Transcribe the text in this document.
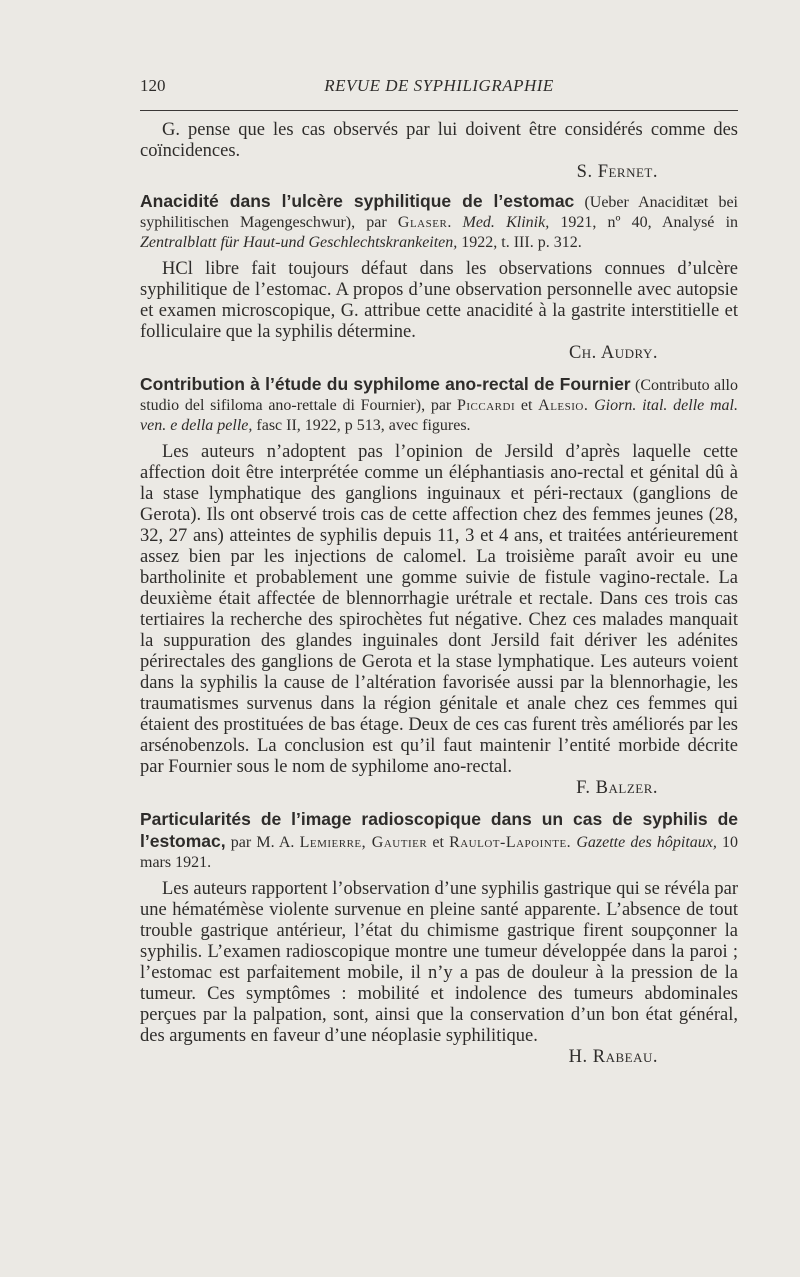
120	REVUE DE SYPHILIGRAPHIE

G. pense que les cas observés par lui doivent être considérés comme des coïncidences.

S. Fernet.

Anacidité dans l’ulcère syphilitique de l’estomac (Ueber Anaciditæt bei syphilitischen Magengeschwur), par Glaser. Med. Klinik, 1921, nº 40, Analysé in Zentralblatt für Haut-und Geschlechtskrankeiten, 1922, t. III. p. 312.

HCl libre fait toujours défaut dans les observations connues d’ulcère syphilitique de l’estomac. A propos d’une observation personnelle avec autopsie et examen microscopique, G. attribue cette anacidité à la gastrite interstitielle et folliculaire que la syphilis détermine.

Ch. Audry.

Contribution à l’étude du syphilome ano-rectal de Fournier (Contributo allo studio del sifiloma ano-rettale di Fournier), par Piccardi et Alesio. Giorn. ital. delle mal. ven. e della pelle, fasc II, 1922, p 513, avec figures.

Les auteurs n’adoptent pas l’opinion de Jersild d’après laquelle cette affection doit être interprétée comme un éléphantiasis ano-rectal et génital dû à la stase lymphatique des ganglions inguinaux et péri-rectaux (ganglions de Gerota). Ils ont observé trois cas de cette affection chez des femmes jeunes (28, 32, 27 ans) atteintes de syphilis depuis 11, 3 et 4 ans, et traitées antérieurement assez bien par les injections de calomel. La troisième paraît avoir eu une bartholinite et probablement une gomme suivie de fistule vagino-rectale. La deuxième était affectée de blennorrhagie urétrale et rectale. Dans ces trois cas tertiaires la recherche des spirochètes fut négative. Chez ces malades manquait la suppuration des glandes inguinales dont Jersild fait dériver les adénites périrectales des ganglions de Gerota et la stase lymphatique. Les auteurs voient dans la syphilis la cause de l’altération favorisée aussi par la blennorhagie, les traumatismes survenus dans la région génitale et anale chez ces femmes qui étaient des prostituées de bas étage. Deux de ces cas furent très améliorés par les arsénobenzols. La conclusion est qu’il faut maintenir l’entité morbide décrite par Fournier sous le nom de syphilome ano-rectal.

F. Balzer.

Particularités de l’image radioscopique dans un cas de syphilis de l’estomac, par M. A. Lemierre, Gautier et Raulot-Lapointe. Gazette des hôpitaux, 10 mars 1921.

Les auteurs rapportent l’observation d’une syphilis gastrique qui se révéla par une hématémèse violente survenue en pleine santé apparente. L’absence de tout trouble gastrique antérieur, l’état du chimisme gastrique firent soupçonner la syphilis. L’examen radioscopique montre une tumeur développée dans la paroi ; l’estomac est parfaitement mobile, il n’y a pas de douleur à la pression de la tumeur. Ces symptômes : mobilité et indolence des tumeurs abdominales perçues par la palpation, sont, ainsi que la conservation d’un bon état général, des arguments en faveur d’une néoplasie syphilitique.

H. Rabeau.
